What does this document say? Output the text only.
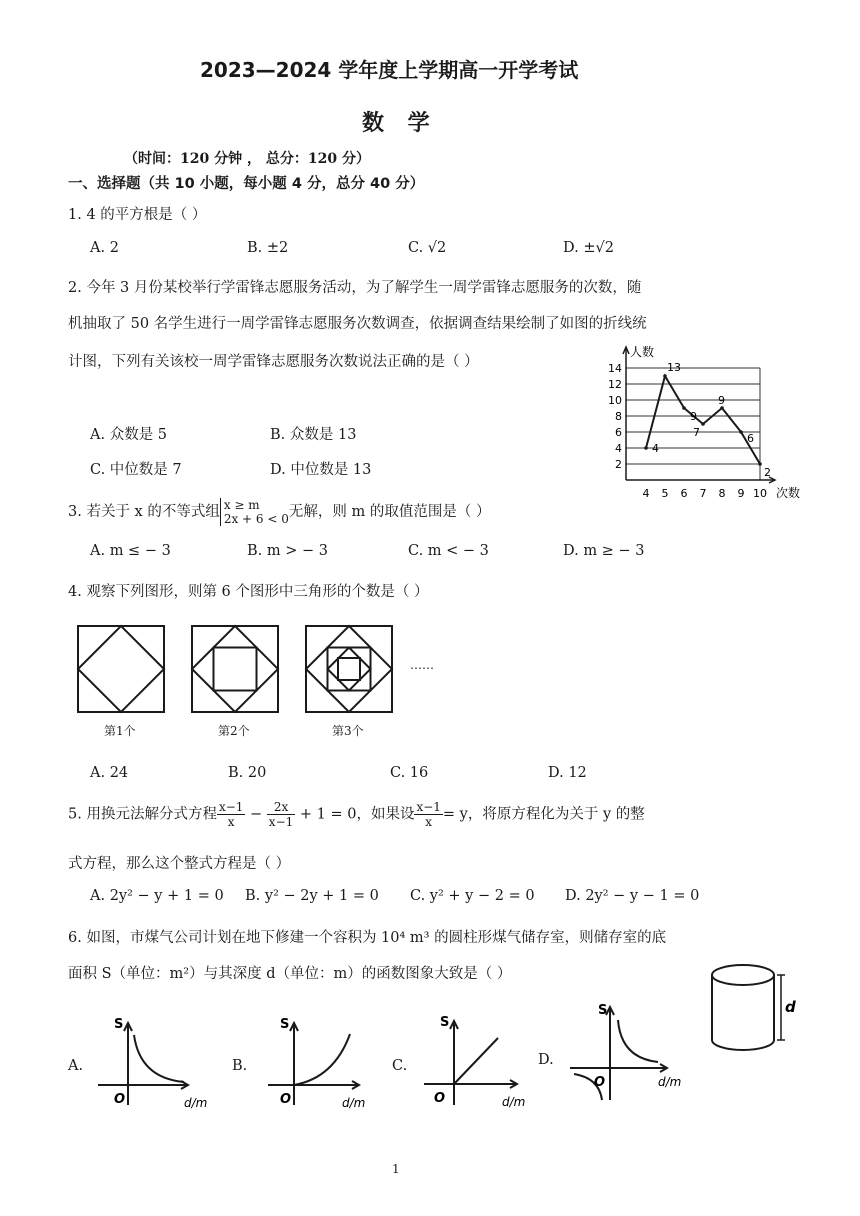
2023—2024 学年度上学期高一开学考试
数 学
（时间：120 分钟 ， 总分：120 分）
一、选择题（共 10 小题，每小题 4 分，总分 40 分）
1. 4 的平方根是（ ）
A. 2	B. ±2	C. √2	D. ±√2
2. 今年 3 月份某校举行学雷锋志愿服务活动，为了解学生一周学雷锋志愿服务的次数，随
机抽取了 50 名学生进行一周学雷锋志愿服务次数调查，依据调查结果绘制了如图的折线统
计图，下列有关该校一周学雷锋志愿服务次数说法正确的是（ ）
A. 众数是 5	B. 众数是 13
C. 中位数是 7	D. 中位数是 13	2
4
6
8
10
12
14
人数
次数
4 5 6 7 8 9 10
4
13
9
7
9
6
2
3. 若关于 x 的不等式组 x ≥ m
2x + 6 < 0 无解，则 m 的取值范围是（ ）
A. m ≤ − 3	B. m > − 3	C. m < − 3	D. m ≥ − 3
4. 观察下列图形，则第 6 个图形中三角形的个数是（ ）
……
第1个	第2个	第3个
A. 24	B. 20	C. 16	D. 12
5. 用换元法解分式方程 $\frac{x-1}{x} - \frac{2x}{x-1} + 1 = 0$，如果设 $\frac{x-1}{x} = y$，将原方程化为关于 y 的整
式方程，那么这个整式方程是（ ）
A. 2y² − y + 1 = 0 B. y² − 2y + 1 = 0 C. y² + y − 2 = 0 D. 2y² − y − 1 = 0
6. 如图，市煤气公司计划在地下修建一个容积为 10⁴ m³ 的圆柱形煤气储存室，则储存室的底
面积 S（单位：m²）与其深度 d（单位：m）的函数图象大致是（ ）
d
A.
S
O	d/m
B.
S
O	d/m
C.
S
O	d/m
D.
S
O	d/m
1
